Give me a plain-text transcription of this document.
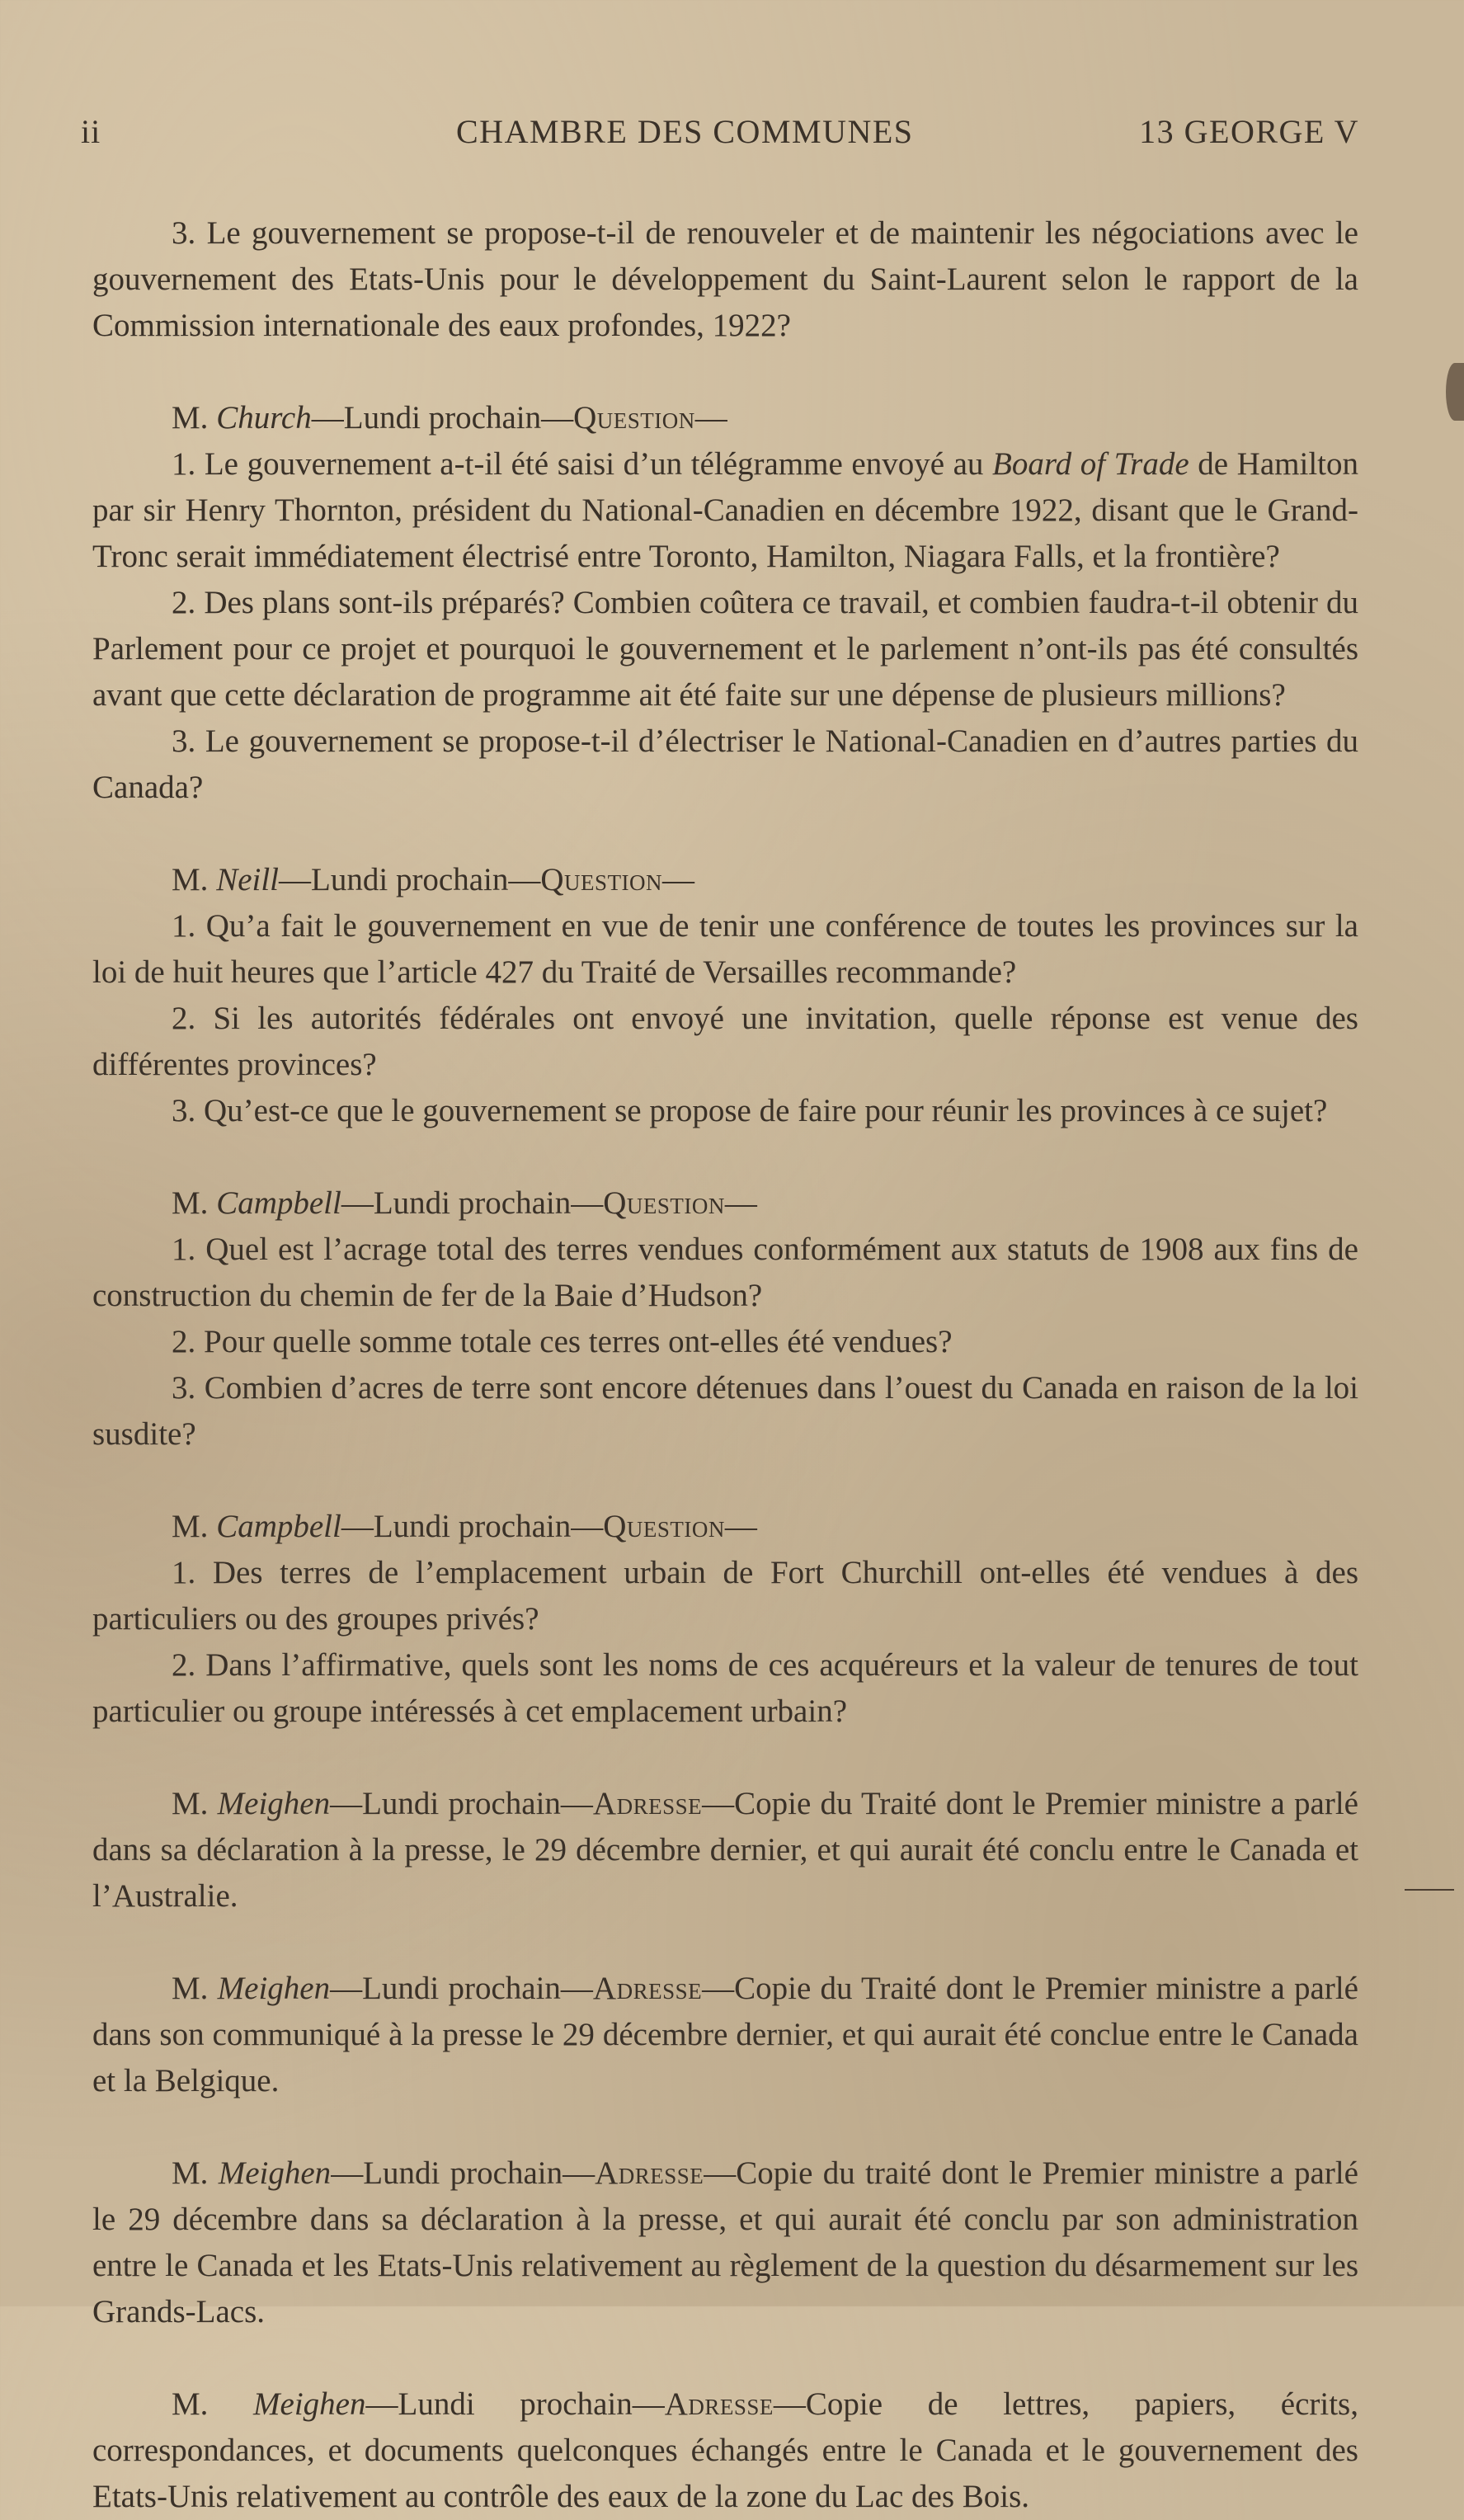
ii	CHAMBRE DES COMMUNES	13 GEORGE V

3. Le gouvernement se propose-t-il de renouveler et de maintenir les négociations avec le gouvernement des Etats-Unis pour le développement du Saint-Laurent selon le rapport de la Commission internationale des eaux profondes, 1922?

M. Church—Lundi prochain—Question—

1. Le gouvernement a-t-il été saisi d’un télégramme envoyé au Board of Trade de Hamilton par sir Henry Thornton, président du National-Canadien en décembre 1922, disant que le Grand-Tronc serait immédiatement électrisé entre Toronto, Hamilton, Niagara Falls, et la frontière?

2. Des plans sont-ils préparés? Combien coûtera ce travail, et combien faudra-t-il obtenir du Parlement pour ce projet et pourquoi le gouvernement et le parlement n’ont-ils pas été consultés avant que cette déclaration de programme ait été faite sur une dépense de plusieurs millions?

3. Le gouvernement se propose-t-il d’électriser le National-Canadien en d’autres parties du Canada?

M. Neill—Lundi prochain—Question—

1. Qu’a fait le gouvernement en vue de tenir une conférence de toutes les provinces sur la loi de huit heures que l’article 427 du Traité de Versailles recommande?

2. Si les autorités fédérales ont envoyé une invitation, quelle réponse est venue des différentes provinces?

3. Qu’est-ce que le gouvernement se propose de faire pour réunir les provinces à ce sujet?

M. Campbell—Lundi prochain—Question—

1. Quel est l’acrage total des terres vendues conformément aux statuts de 1908 aux fins de construction du chemin de fer de la Baie d’Hudson?

2. Pour quelle somme totale ces terres ont-elles été vendues?

3. Combien d’acres de terre sont encore détenues dans l’ouest du Canada en raison de la loi susdite?

M. Campbell—Lundi prochain—Question—

1. Des terres de l’emplacement urbain de Fort Churchill ont-elles été vendues à des particuliers ou des groupes privés?

2. Dans l’affirmative, quels sont les noms de ces acquéreurs et la valeur de tenures de tout particulier ou groupe intéressés à cet emplacement urbain?

M. Meighen—Lundi prochain—Adresse—Copie du Traité dont le Premier ministre a parlé dans sa déclaration à la presse, le 29 décembre dernier, et qui aurait été conclu entre le Canada et l’Australie.

M. Meighen—Lundi prochain—Adresse—Copie du Traité dont le Premier ministre a parlé dans son communiqué à la presse le 29 décembre dernier, et qui aurait été conclue entre le Canada et la Belgique.

M. Meighen—Lundi prochain—Adresse—Copie du traité dont le Premier ministre a parlé le 29 décembre dans sa déclaration à la presse, et qui aurait été conclu par son administration entre le Canada et les Etats-Unis relativement au règlement de la question du désarmement sur les Grands-Lacs.

M. Meighen—Lundi prochain—Adresse—Copie de lettres, papiers, écrits, correspondances, et documents quelconques échangés entre le Canada et le gouvernement des Etats-Unis relativement au contrôle des eaux de la zone du Lac des Bois.
